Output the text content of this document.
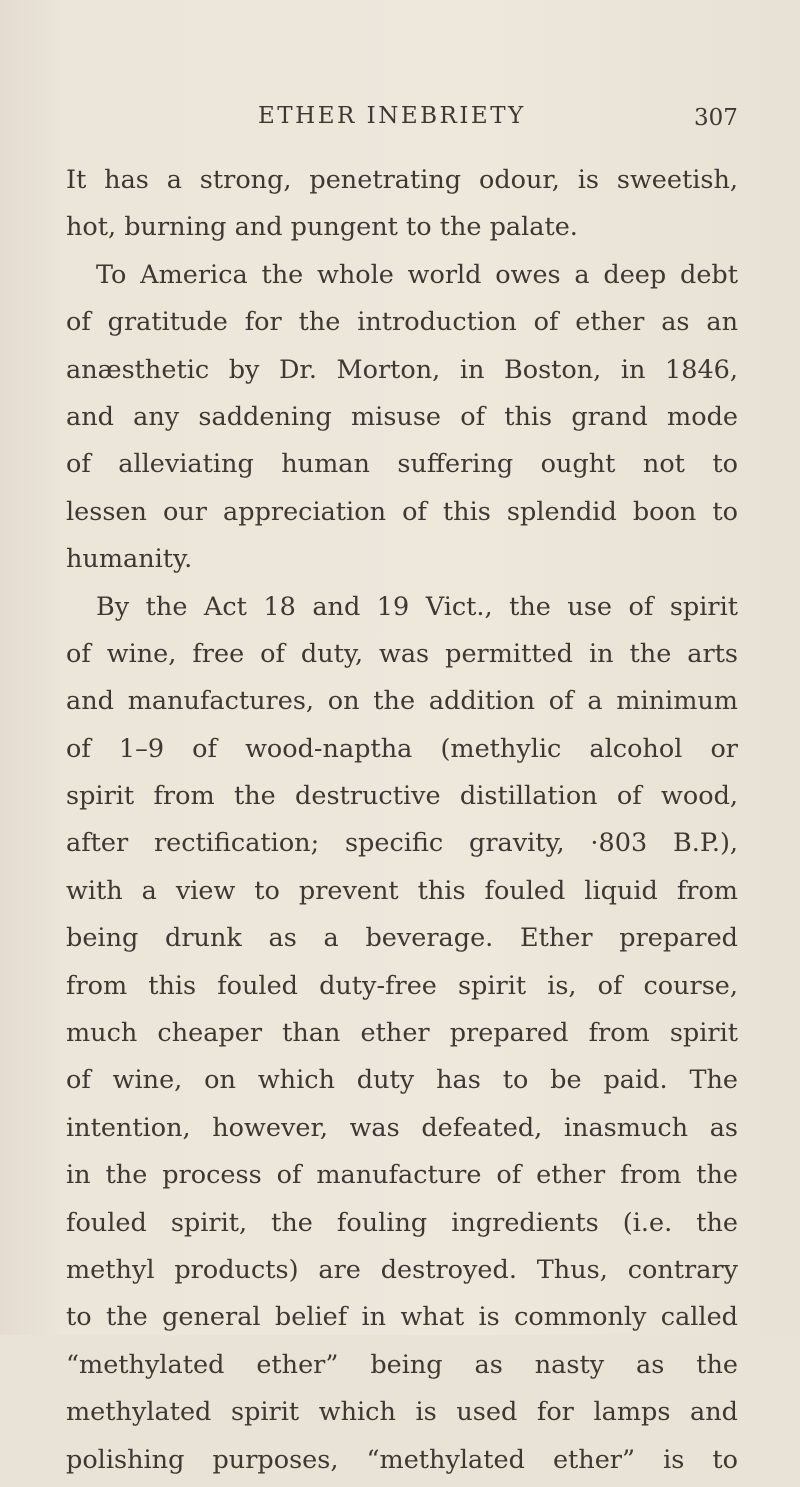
ETHER INEBRIETY	307
It has a strong, penetrating odour, is sweetish,
hot, burning and pungent to the palate.
To America the whole world owes a deep debt
of gratitude for the introduction of ether as an
anæsthetic by Dr. Morton, in Boston, in 1846,
and any saddening misuse of this grand mode
of alleviating human suffering ought not to
lessen our appreciation of this splendid boon to
humanity.
By the Act 18 and 19 Vict., the use of spirit
of wine, free of duty, was permitted in the arts
and manufactures, on the addition of a minimum
of 1–9 of wood-naptha (methylic alcohol or
spirit from the destructive distillation of wood,
after rectification; specific gravity, ·803 B.P.),
with a view to prevent this fouled liquid from
being drunk as a beverage. Ether prepared
from this fouled duty-free spirit is, of course,
much cheaper than ether prepared from spirit
of wine, on which duty has to be paid. The
intention, however, was defeated, inasmuch as
in the process of manufacture of ether from the
fouled spirit, the fouling ingredients (i.e. the
methyl products) are destroyed. Thus, contrary
to the general belief in what is commonly called
“methylated ether” being as nasty as the
methylated spirit which is used for lamps and
polishing purposes, “methylated ether” is to
